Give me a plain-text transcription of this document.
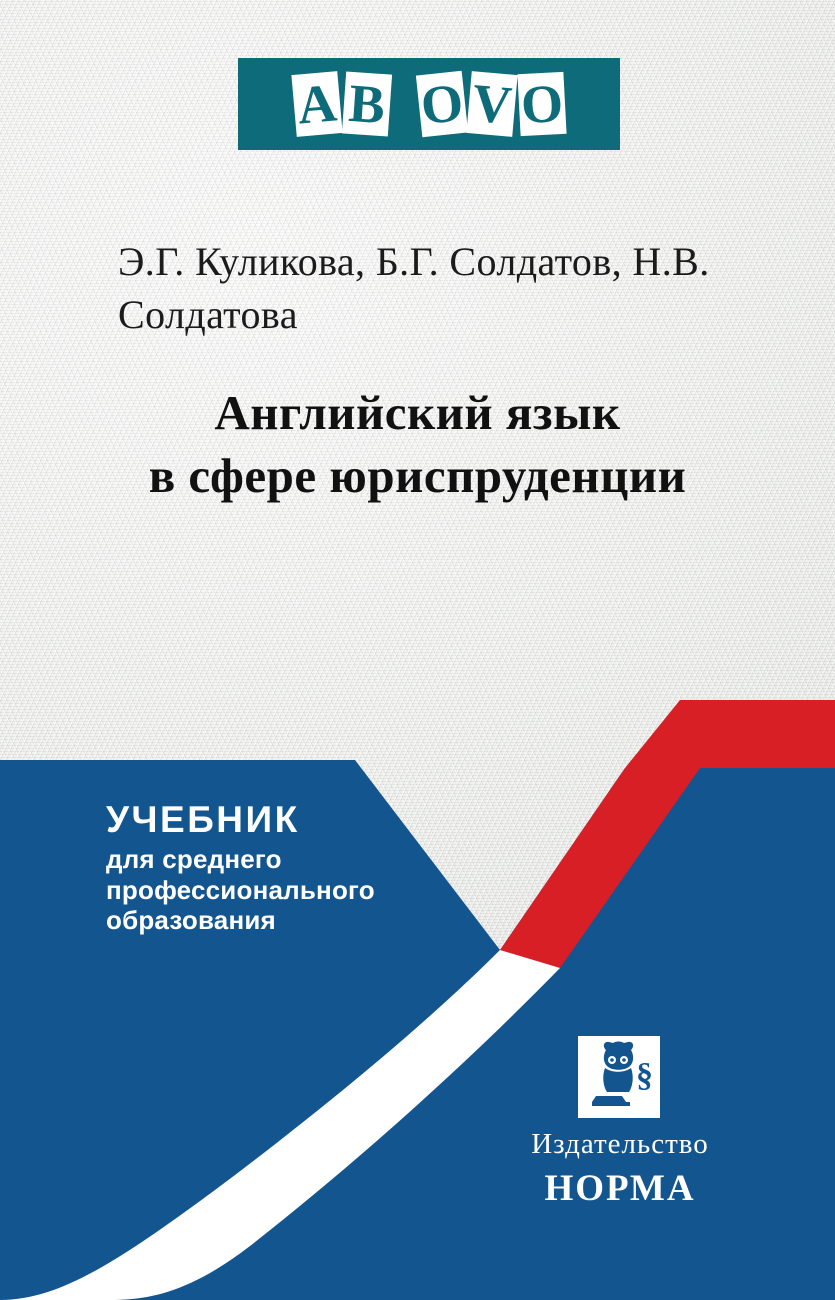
A B O V O
Э.Г. Куликова, Б.Г. Солдатов, Н.В. Солдатова
Английский язык
в сфере юриспруденции
УЧЕБНИК
для среднего
профессионального
образования
§
Издательство
НОРМА
